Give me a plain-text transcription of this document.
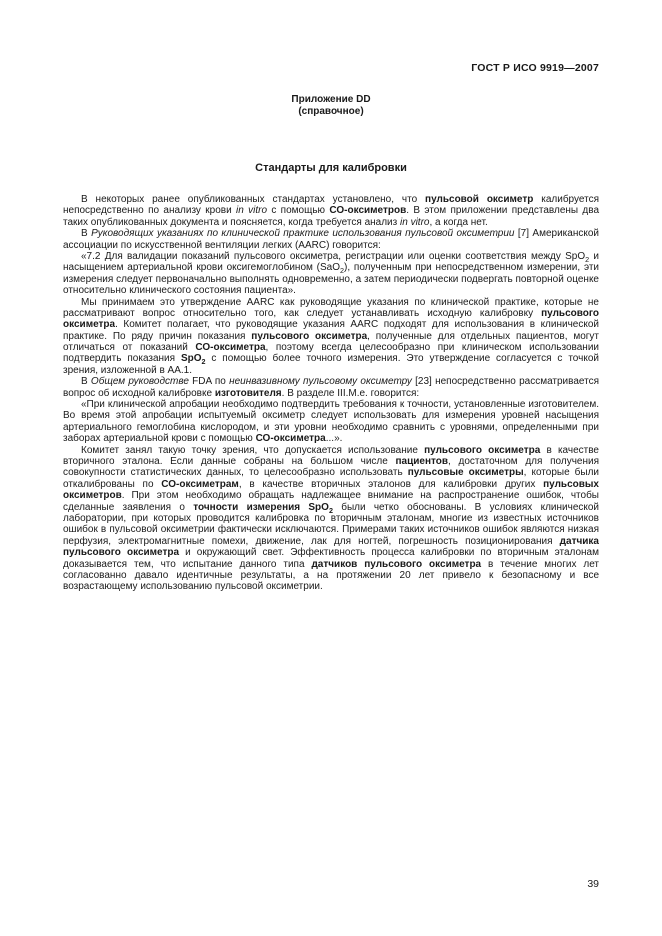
ГОСТ Р ИСО 9919—2007
Приложение DD
(справочное)
Стандарты для калибровки

В некоторых ранее опубликованных стандартах установлено, что пульсовой оксиметр калибруется непосредственно по анализу крови in vitro с помощью СО-оксиметров. В этом приложении представлены два таких опубликованных документа и поясняется, когда требуется анализ in vitro, а когда нет.

В Руководящих указаниях по клинической практике использования пульсовой оксиметрии [7] Американской ассоциации по искусственной вентиляции легких (AARC) говорится:

«7.2 Для валидации показаний пульсового оксиметра, регистрации или оценки соответствия между SpO$_2$ и насыщением артериальной крови оксигемоглобином (SaO$_2$), полученным при непосредственном измерении, эти измерения следует первоначально выполнять одновременно, а затем периодически подвергать повторной оценке относительно клинического состояния пациента».

Мы принимаем это утверждение AARC как руководящие указания по клинической практике, которые не рассматривают вопрос относительно того, как следует устанавливать исходную калибровку пульсового оксиметра. Комитет полагает, что руководящие указания AARC подходят для использования в клинической практике. По ряду причин показания пульсового оксиметра, полученные для отдельных пациентов, могут отличаться от показаний СО-оксиметра, поэтому всегда целесообразно при клиническом использовании подтвердить показания SpO$_2$ с помощью более точного измерения. Это утверждение согласуется с точкой зрения, изложенной в АА.1.

В Общем руководстве FDA по неинвазивному пульсовому оксиметру [23] непосредственно рассматривается вопрос об исходной калибровке изготовителя. В разделе III.М.е. говорится:

«При клинической апробации необходимо подтвердить требования к точности, установленные изготовителем. Во время этой апробации испытуемый оксиметр следует использовать для измерения уровней насыщения артериального гемоглобина кислородом, и эти уровни необходимо сравнить с уровнями, определенными при заборах артериальной крови с помощью СО-оксиметра...».

Комитет занял такую точку зрения, что допускается использование пульсового оксиметра в качестве вторичного эталона. Если данные собраны на большом числе пациентов, достаточном для получения совокупности статистических данных, то целесообразно использовать пульсовые оксиметры, которые были откалиброваны по СО-оксиметрам, в качестве вторичных эталонов для калибровки других пульсовых оксиметров. При этом необходимо обращать надлежащее внимание на распространение ошибок, чтобы сделанные заявления о точности измерения SpO$_2$ были четко обоснованы. В условиях клинической лаборатории, при которых проводится калибровка по вторичным эталонам, многие из известных источников ошибок в пульсовой оксиметрии фактически исключаются. Примерами таких источников ошибок являются низкая перфузия, электромагнитные помехи, движение, лак для ногтей, погрешность позиционирования датчика пульсового оксиметра и окружающий свет. Эффективность процесса калибровки по вторичным эталонам доказывается тем, что испытание данного типа датчиков пульсового оксиметра в течение многих лет согласованно давало идентичные результаты, а на протяжении 20 лет привело к безопасному и все возрастающему использованию пульсовой оксиметрии.

39
